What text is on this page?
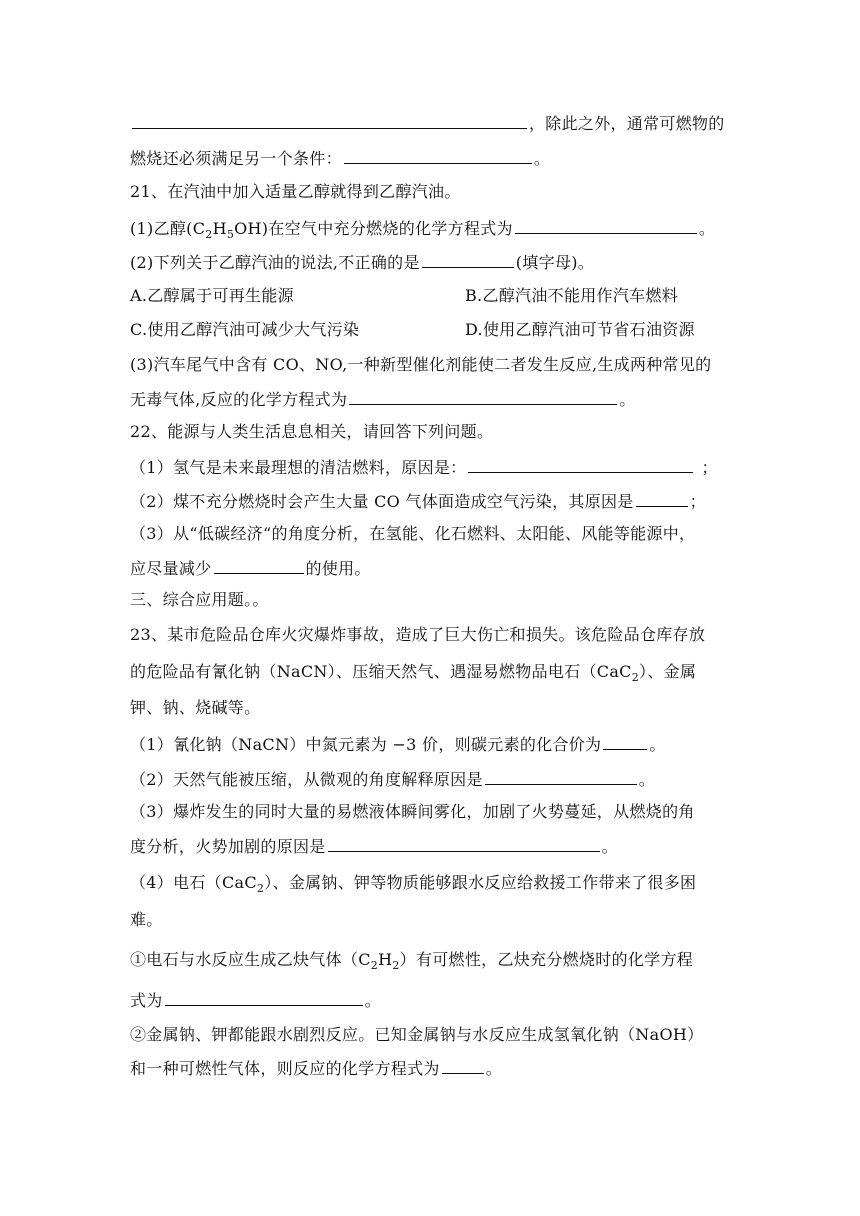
，除此之外，通常可燃物的
燃烧还必须满足另一个条件：	。
21、在汽油中加入适量乙醇就得到乙醇汽油。
(1)乙醇$(C_2H_5OH)$在空气中充分燃烧的化学方程式为	。
(2)下列关于乙醇汽油的说法,不正确的是	(填字母)。
A.乙醇属于可再生能源	B.乙醇汽油不能用作汽车燃料
C.使用乙醇汽油可减少大气污染	D.使用乙醇汽油可节省石油资源
(3)汽车尾气中含有 CO、NO,一种新型催化剂能使二者发生反应,生成两种常见的
无毒气体,反应的化学方程式为	。
22、能源与人类生活息息相关，请回答下列问题。
（1）氢气是未来最理想的清洁燃料，原因是：	；
（2）煤不充分燃烧时会产生大量 CO 气体面造成空气污染，其原因是	；
（3）从“低碳经济“的角度分析，在氢能、化石燃料、太阳能、风能等能源中，
应尽量减少	的使用。
三、综合应用题。。
23、某市危险品仓库火灾爆炸事故，造成了巨大伤亡和损失。该危险品仓库存放
的危险品有氰化钠（NaCN）、压缩天然气、遇湿易燃物品电石（CaC$_2$）、金属
钾、钠、烧碱等。
（1）氰化钠（NaCN）中氮元素为 −3 价，则碳元素的化合价为	。
（2）天然气能被压缩，从微观的角度解释原因是	。
（3）爆炸发生的同时大量的易燃液体瞬间雾化，加剧了火势蔓延，从燃烧的角
度分析，火势加剧的原因是	。
（4）电石（CaC$_2$）、金属钠、钾等物质能够跟水反应给救援工作带来了很多困
难。
①电石与水反应生成乙炔气体$(C_2H_2)$有可燃性，乙炔充分燃烧时的化学方程
式为	。
②金属钠、钾都能跟水剧烈反应。已知金属钠与水反应生成氢氧化钠（NaOH）
和一种可燃性气体，则反应的化学方程式为	。
